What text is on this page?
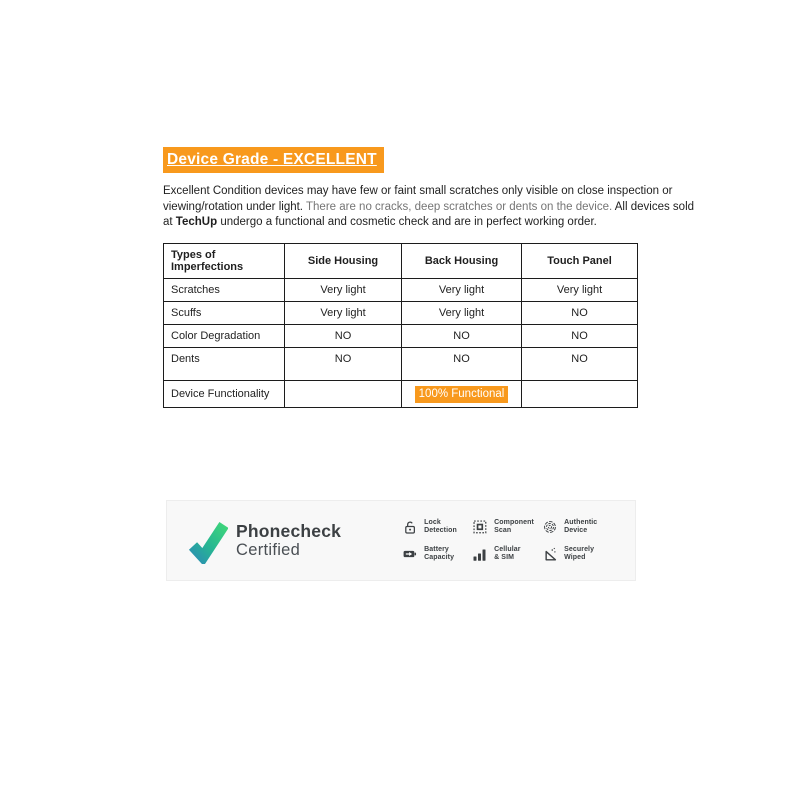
Device Grade - EXCELLENT

Excellent Condition devices may have few or faint small scratches only visible on close inspection or viewing/rotation under light. There are no cracks, deep scratches or dents on the device. All devices sold at TechUp undergo a functional and cosmetic check and are in perfect working order.

Types of Imperfections	Side Housing	Back Housing	Touch Panel
Scratches	Very light	Very light	Very light
Scuffs	Very light	Very light	NO
Color Degradation	NO	NO	NO
Dents	NO	NO	NO
Device Functionality		100% Functional	
Phonecheck
Certified
Lock
Detection
Component
Scan
Authentic
Device
Battery
Capacity
Cellular
& SIM
Securely
Wiped
